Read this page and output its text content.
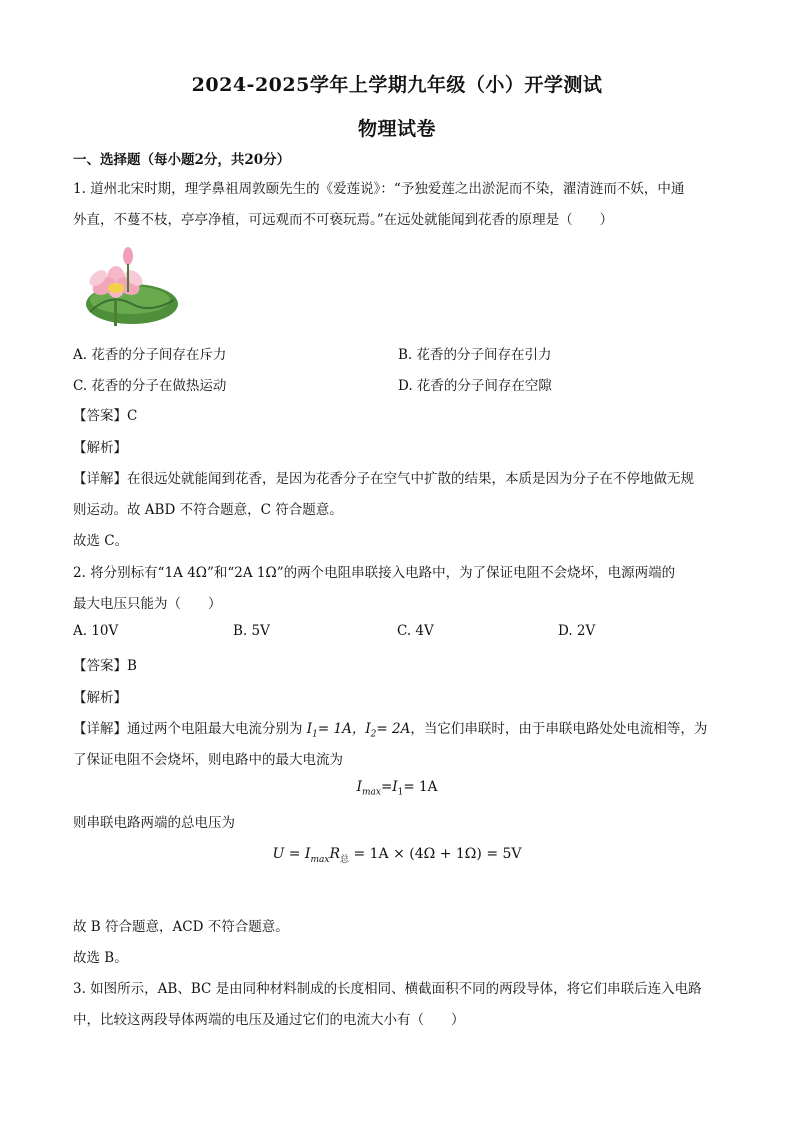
2024-2025学年上学期九年级（小）开学测试
物理试卷
一、选择题（每小题2分，共20分）
1. 道州北宋时期，理学鼻祖周敦颐先生的《爱莲说》：“予独爱莲之出淤泥而不染，濯清涟而不妖，中通
外直，不蔓不枝，亭亭净植，可远观而不可亵玩焉。”在远处就能闻到花香的原理是（　　）
A. 花香的分子间存在斥力	B. 花香的分子间存在引力
C. 花香的分子在做热运动	D. 花香的分子间存在空隙
【答案】C
【解析】
【详解】在很远处就能闻到花香，是因为花香分子在空气中扩散的结果，本质是因为分子在不停地做无规
则运动。故 ABD 不符合题意，C 符合题意。
故选 C。
2. 将分别标有“1A 4Ω”和“2A 1Ω”的两个电阻串联接入电路中，为了保证电阻不会烧坏，电源两端的
最大电压只能为（　　）
A. 10V	B. 5V	C. 4V	D. 2V
【答案】B
【解析】
【详解】通过两个电阻最大电流分别为 $I_1= 1A$，$I_2= 2A$，当它们串联时，由于串联电路处处电流相等，为
了保证电阻不会烧坏，则电路中的最大电流为
$I_{max}=I_1= 1A$
则串联电路两端的总电压为
$U = I_{max}R_总 = 1A \times (4\Omega + 1\Omega) = 5V$
故 B 符合题意，ACD 不符合题意。
故选 B。
3. 如图所示，AB、BC 是由同种材料制成的长度相同、横截面积不同的两段导体，将它们串联后连入电路
中，比较这两段导体两端的电压及通过它们的电流大小有（　　）
